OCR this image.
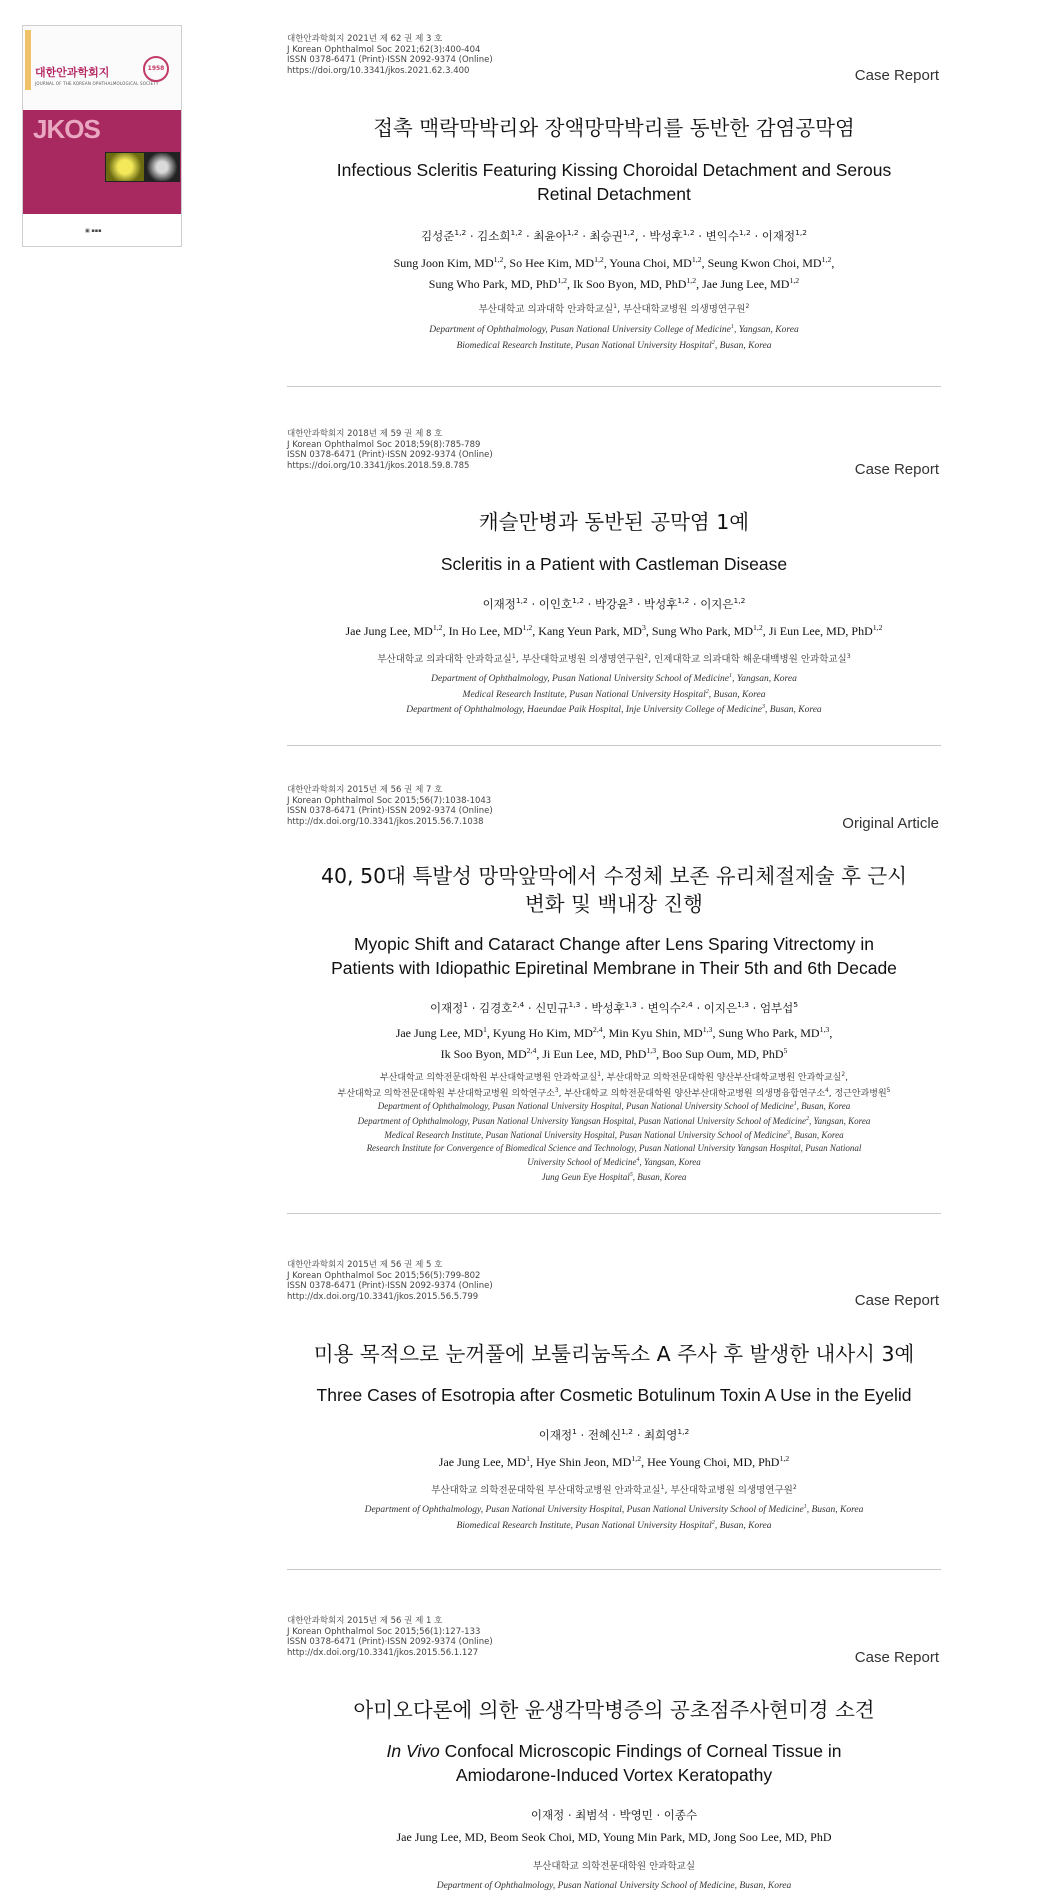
대한안과학회지
JOURNAL OF THE KOREAN OPHTHALMOLOGICAL SOCIETY
1958
JKOS
▣ ▪▪▪
대한안과학회지 2021년 제 62 권 제 3 호
J Korean Ophthalmol Soc 2021;62(3):400-404
ISSN 0378-6471 (Print)⋅ISSN 2092-9374 (Online)
https://doi.org/10.3341/jkos.2021.62.3.400	Case Report
접촉 맥락막박리와 장액망막박리를 동반한 감염공막염
Infectious Scleritis Featuring Kissing Choroidal Detachment and Serous Retinal Detachment
김성준$^{1,2}$ ⋅ 김소희$^{1,2}$ ⋅ 최윤아$^{1,2}$ ⋅ 최승권$^{1,2}$, ⋅ 박성후$^{1,2}$ ⋅ 변익수$^{1,2}$ ⋅ 이재정$^{1,2}$
Sung Joon Kim, MD$^{1,2}$, So Hee Kim, MD$^{1,2}$, Youna Choi, MD$^{1,2}$, Seung Kwon Choi, MD$^{1,2}$,
Sung Who Park, MD, PhD$^{1,2}$, Ik Soo Byon, MD, PhD$^{1,2}$, Jae Jung Lee, MD$^{1,2}$
부산대학교 의과대학 안과학교실$^1$, 부산대학교병원 의생명연구원$^2$
Department of Ophthalmology, Pusan National University College of Medicine$^1$, Yangsan, Korea
Biomedical Research Institute, Pusan National University Hospital$^2$, Busan, Korea
대한안과학회지 2018년 제 59 권 제 8 호
J Korean Ophthalmol Soc 2018;59(8):785-789
ISSN 0378-6471 (Print)⋅ISSN 2092-9374 (Online)
https://doi.org/10.3341/jkos.2018.59.8.785	Case Report
캐슬만병과 동반된 공막염 1예
Scleritis in a Patient with Castleman Disease
이재정$^{1,2}$ ⋅ 이인호$^{1,2}$ ⋅ 박강윤$^3$ ⋅ 박성후$^{1,2}$ ⋅ 이지은$^{1,2}$
Jae Jung Lee, MD$^{1,2}$, In Ho Lee, MD$^{1,2}$, Kang Yeun Park, $MD^3$, Sung Who Park, MD$^{1,2}$, Ji Eun Lee, MD, PhD$^{1,2}$
부산대학교 의과대학 안과학교실$^1$, 부산대학교병원 의생명연구원$^2$, 인제대학교 의과대학 해운대백병원 안과학교실$^3$
Department of Ophthalmology, Pusan National University School of Medicine$^1$, Yangsan, Korea
Medical Research Institute, Pusan National University Hospital$^2$, Busan, Korea
Department of Ophthalmology, Haeundae Paik Hospital, Inje University College of Medicine$^3$, Busan, Korea
대한안과학회지 2015년 제 56 권 제 7 호
J Korean Ophthalmol Soc 2015;56(7):1038-1043
ISSN 0378-6471 (Print)⋅ISSN 2092-9374 (Online)
http://dx.doi.org/10.3341/jkos.2015.56.7.1038	Original Article
40, 50대 특발성 망막앞막에서 수정체 보존 유리체절제술 후 근시변화 및 백내장 진행
Myopic Shift and Cataract Change after Lens Sparing Vitrectomy in Patients with Idiopathic Epiretinal Membrane in Their 5th and 6th Decade
이재정$^1$ ⋅ 김경호$^{2,4}$ ⋅ 신민규$^{1,3}$ ⋅ 박성후$^{1,3}$ ⋅ 변익수$^{2,4}$ ⋅ 이지은$^{1,3}$ ⋅ 엄부섭$^5$
Jae Jung Lee, $MD^1$, Kyung Ho Kim, MD$^{2,4}$, Min Kyu Shin, MD$^{1,3}$, Sung Who Park, MD$^{1,3}$,
Ik Soo Byon, MD$^{2,4}$, Ji Eun Lee, MD, PhD$^{1,3}$, Boo Sup Oum, MD, PhD$^5$
부산대학교 의학전문대학원 부산대학교병원 안과학교실$^1$, 부산대학교 의학전문대학원 양산부산대학교병원 안과학교실$^2$,
부산대학교 의학전문대학원 부산대학교병원 의학연구소$^3$, 부산대학교 의학전문대학원 양산부산대학교병원 의생명융합연구소$^4$, 정근안과병원$^5$
Department of Ophthalmology, Pusan National University Hospital, Pusan National University School of Medicine$^1$, Busan, Korea
Department of Ophthalmology, Pusan National University Yangsan Hospital, Pusan National University School of Medicine$^2$, Yangsan, Korea
Medical Research Institute, Pusan National University Hospital, Pusan National University School of Medicine$^3$, Busan, Korea
Research Institute for Convergence of Biomedical Science and Technology, Pusan National University Yangsan Hospital, Pusan National
University School of Medicine$^4$, Yangsan, Korea
Jung Geun Eye Hospital$^5$, Busan, Korea
대한안과학회지 2015년 제 56 권 제 5 호
J Korean Ophthalmol Soc 2015;56(5):799-802
ISSN 0378-6471 (Print)⋅ISSN 2092-9374 (Online)
http://dx.doi.org/10.3341/jkos.2015.56.5.799	Case Report
미용 목적으로 눈꺼풀에 보툴리눔독소 A 주사 후 발생한 내사시 3예
Three Cases of Esotropia after Cosmetic Botulinum Toxin A Use in the Eyelid
이재정$^1$ ⋅ 전혜신$^{1,2}$ ⋅ 최희영$^{1,2}$
Jae Jung Lee, $MD^1$, Hye Shin Jeon, MD$^{1,2}$, Hee Young Choi, MD, PhD$^{1,2}$
부산대학교 의학전문대학원 부산대학교병원 안과학교실$^1$, 부산대학교병원 의생명연구원$^2$
Department of Ophthalmology, Pusan National University Hospital, Pusan National University School of Medicine$^1$, Busan, Korea
Biomedical Research Institute, Pusan National University Hospital$^2$, Busan, Korea
대한안과학회지 2015년 제 56 권 제 1 호
J Korean Ophthalmol Soc 2015;56(1):127-133
ISSN 0378-6471 (Print)⋅ISSN 2092-9374 (Online)
http://dx.doi.org/10.3341/jkos.2015.56.1.127	Case Report
아미오다론에 의한 윤생각막병증의 공초점주사현미경 소견
In Vivo Confocal Microscopic Findings of Corneal Tissue in Amiodarone-Induced Vortex Keratopathy
이재정 ⋅ 최범석 ⋅ 박영민 ⋅ 이종수
Jae Jung Lee, MD, Beom Seok Choi, MD, Young Min Park, MD, Jong Soo Lee, MD, PhD
부산대학교 의학전문대학원 안과학교실
Department of Ophthalmology, Pusan National University School of Medicine, Busan, Korea
